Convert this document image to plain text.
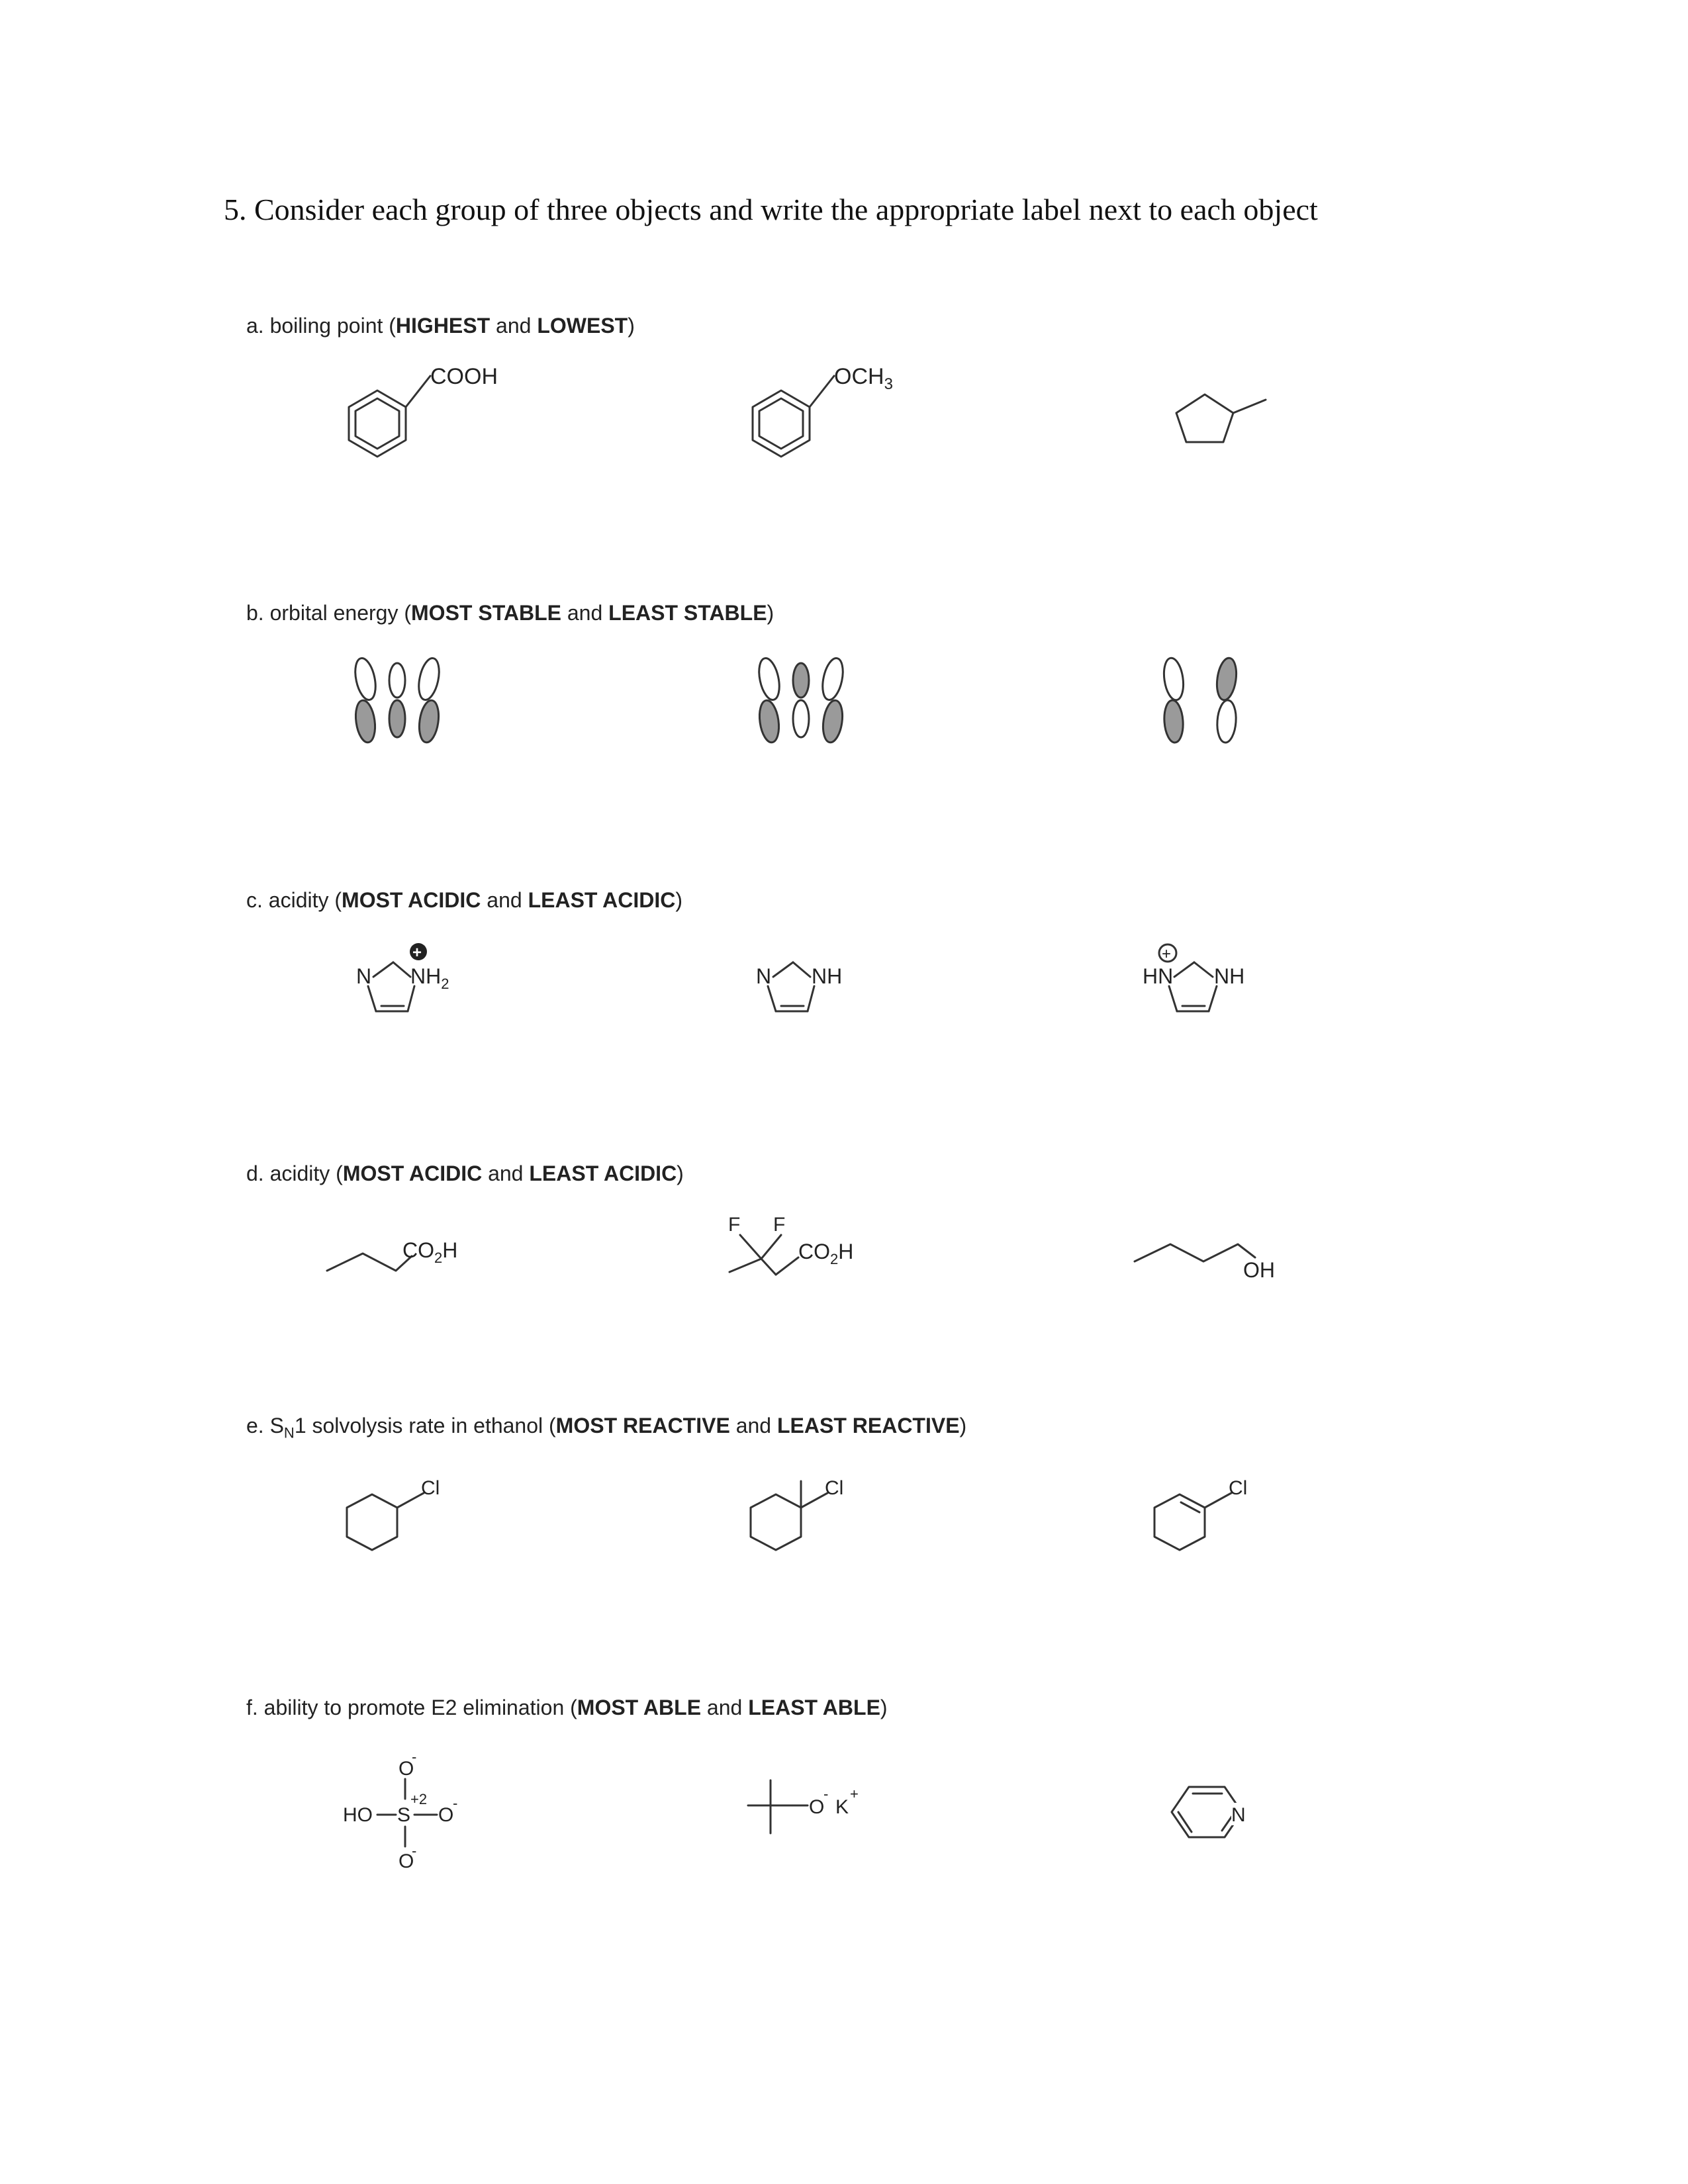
5. Consider each group of three objects and write the appropriate label next to each object
a. boiling point (HIGHEST and LOWEST)
COOH	$OCH_3$
b. orbital energy (MOST STABLE and LEAST STABLE)
c. acidity (MOST ACIDIC and LEAST ACIDIC)
N $NH_2$
+
N NH
+
HN NH
d. acidity (MOST ACIDIC and LEAST ACIDIC)
$CO_2H$
F F
$CO_2H$
OH
e. $S_N1$ solvolysis rate in ethanol (MOST REACTIVE and LEAST REACTIVE)
Cl	Cl	Cl
f. ability to promote E2 elimination (MOST ABLE and LEAST ABLE)
O
-
HO S
+2
O
-
O
-
O
-
K
+
N
